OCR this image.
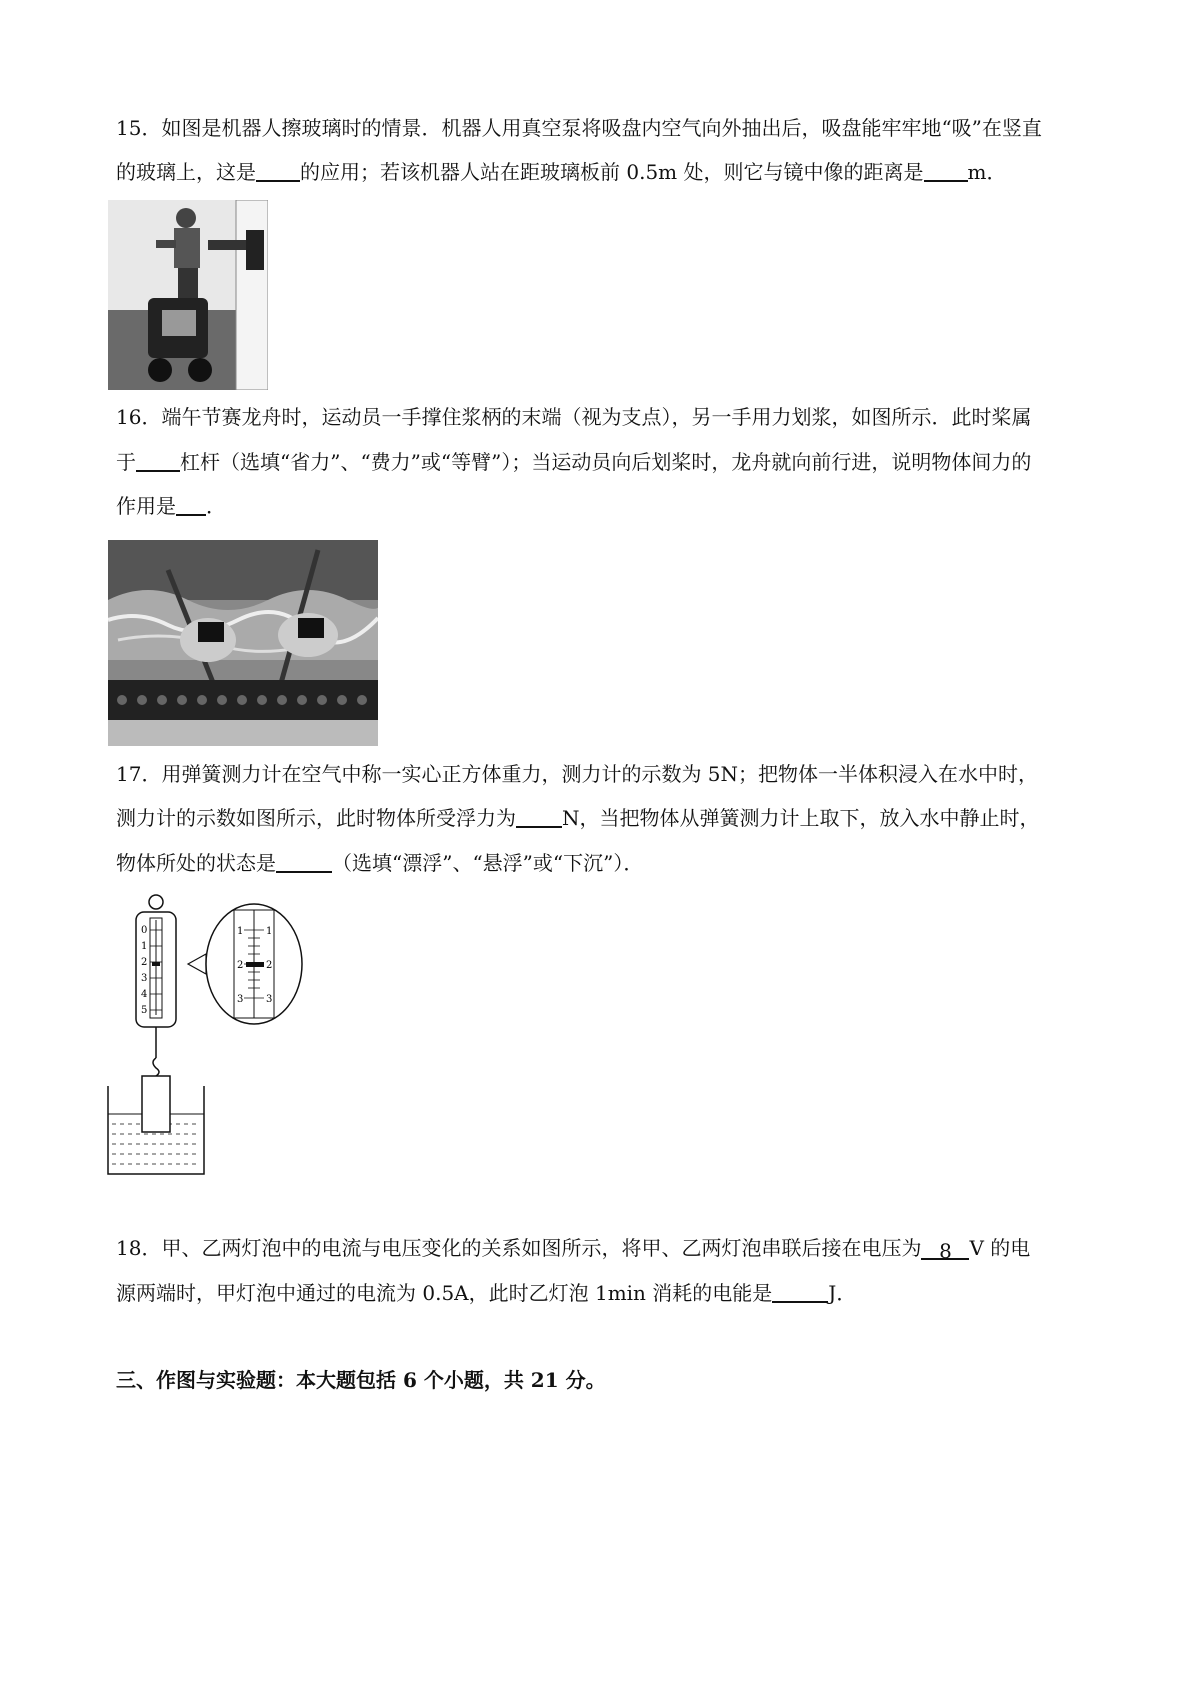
15．如图是机器人擦玻璃时的情景．机器人用真空泵将吸盘内空气向外抽出后，吸盘能牢牢地“吸”在竖直
的玻璃上，这是 的应用；若该机器人站在距玻璃板前 0.5m 处，则它与镜中像的距离是 m．
16．端午节赛龙舟时，运动员一手撑住浆柄的末端（视为支点），另一手用力划浆，如图所示．此时桨属
于 杠杆（选填“省力”、“费力”或“等臂”）；当运动员向后划桨时，龙舟就向前行进，说明物体间力的
作用是 ．
17．用弹簧测力计在空气中称一实心正方体重力，测力计的示数为 5N；把物体一半体积浸入在水中时，
测力计的示数如图所示，此时物体所受浮力为 N，当把物体从弹簧测力计上取下，放入水中静止时，
物体所处的状态是	（选填“漂浮”、“悬浮”或“下沉”）．
0
1
2
3
4
5
1
2
3
1
2
3
18．甲、乙两灯泡中的电流与电压变化的关系如图所示，将甲、乙两灯泡串联后接在电压为 8 V 的电
源两端时，甲灯泡中通过的电流为 0.5A，此时乙灯泡 1min 消耗的电能是	J．
三、作图与实验题：本大题包括 6 个小题，共 21 分。
